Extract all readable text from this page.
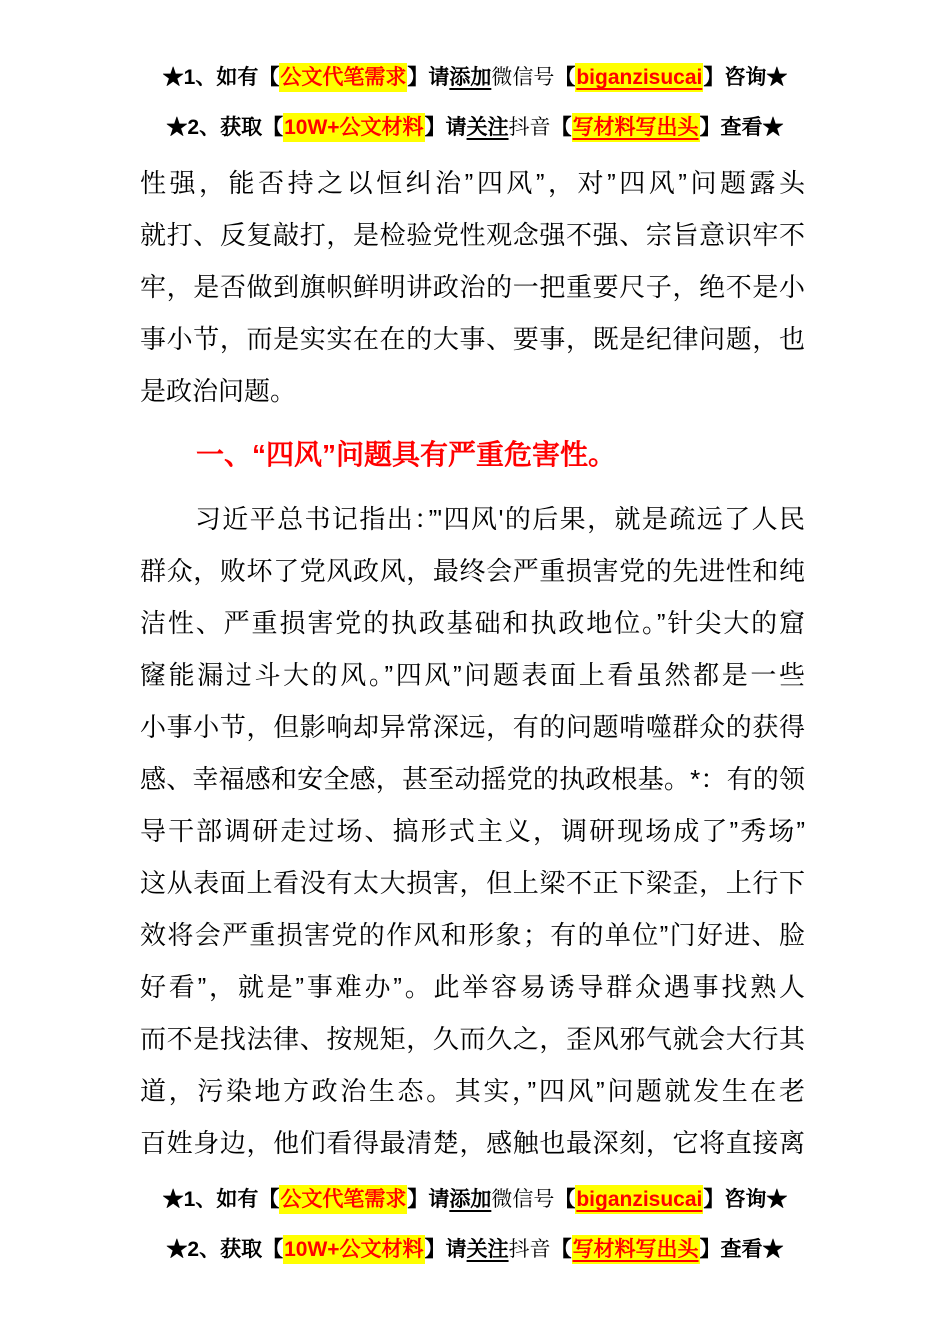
★1、如有【公文代笔需求】请添加微信号【biganzisucai】咨询★
★2、获取【10W+公文材料】请关注抖音【写材料写出头】查看★
性强，能否持之以恒纠治”四风”，对”四风”问题露头
就打、反复敲打，是检验党性观念强不强、宗旨意识牢不
牢，是否做到旗帜鲜明讲政治的一把重要尺子，绝不是小
事小节，而是实实在在的大事、要事，既是纪律问题，也
是政治问题。
一、“四风”问题具有严重危害性。
　　习近平总书记指出：”'四风'的后果，就是疏远了人民
群众，败坏了党风政风，最终会严重损害党的先进性和纯
洁性、严重损害党的执政基础和执政地位。”针尖大的窟
窿能漏过斗大的风。”四风”问题表面上看虽然都是一些
小事小节，但影响却异常深远，有的问题啃噬群众的获得
感、幸福感和安全感，甚至动摇党的执政根基。*：有的领
导干部调研走过场、搞形式主义，调研现场成了”秀场”
这从表面上看没有太大损害，但上梁不正下梁歪，上行下
效将会严重损害党的作风和形象；有的单位”门好进、脸
好看”，就是”事难办”。此举容易诱导群众遇事找熟人
而不是找法律、按规矩，久而久之，歪风邪气就会大行其
道，污染地方政治生态。其实，”四风”问题就发生在老
百姓身边，他们看得最清楚，感触也最深刻，它将直接离
★1、如有【公文代笔需求】请添加微信号【biganzisucai】咨询★
★2、获取【10W+公文材料】请关注抖音【写材料写出头】查看★
